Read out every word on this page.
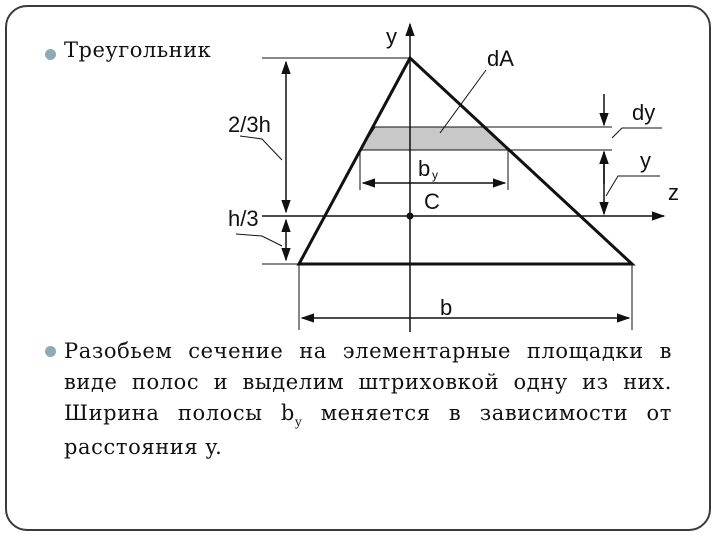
Треугольник
y
z
dA
dy
y
b y
C
2/3h
h/3
b
Разобьем сечение на элементарные площадки в виде полос и выделим штриховкой одну из них. Ширина полосы $b_y$ меняется в зависимости от расстояния y.
